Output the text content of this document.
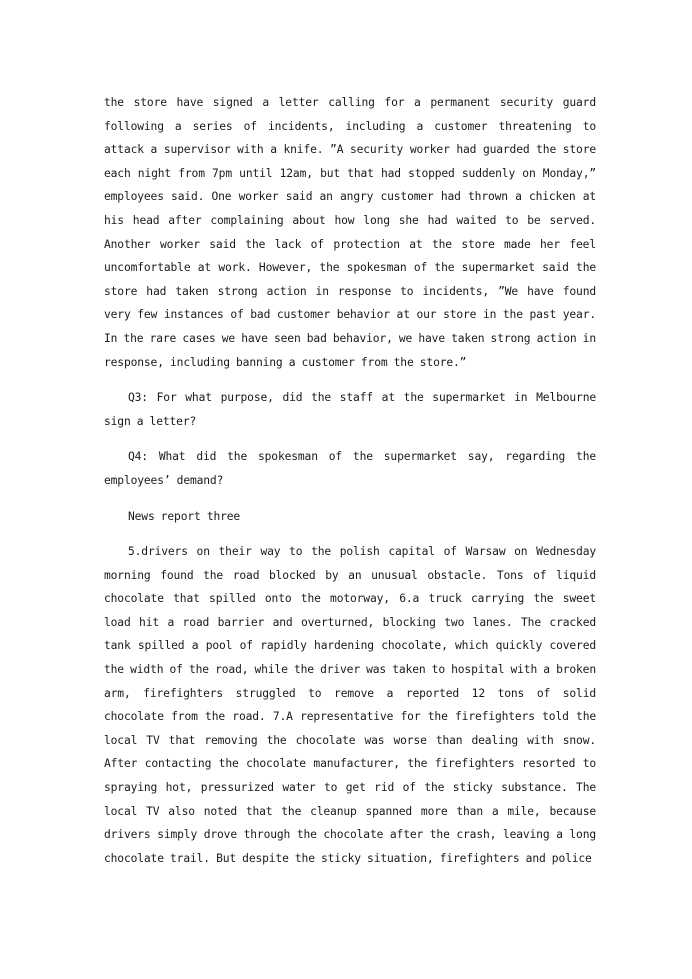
the store have signed a letter calling for a permanent security guard following a series of incidents, including a customer threatening to attack a supervisor with a knife. ”A security worker had guarded the store each night from 7pm until 12am, but that had stopped suddenly on Monday,” employees said. One worker said an angry customer had thrown a chicken at his head after complaining about how long she had waited to be served. Another worker said the lack of protection at the store made her feel uncomfortable at work. However, the spokesman of the supermarket said the store had taken strong action in response to incidents, ”We have found very few instances of bad customer behavior at our store in the past year. In the rare cases we have seen bad behavior, we have taken strong action in response, including banning a customer from the store.”

Q3: For what purpose, did the staff at the supermarket in Melbourne sign a letter?

Q4: What did the spokesman of the supermarket say, regarding the employees’ demand?

News report three

5.drivers on their way to the polish capital of Warsaw on Wednesday morning found the road blocked by an unusual obstacle. Tons of liquid chocolate that spilled onto the motorway, 6.a truck carrying the sweet load hit a road barrier and overturned, blocking two lanes. The cracked tank spilled a pool of rapidly hardening chocolate, which quickly covered the width of the road, while the driver was taken to hospital with a broken arm, firefighters struggled to remove a reported 12 tons of solid chocolate from the road. 7.A representative for the firefighters told the local TV that removing the chocolate was worse than dealing with snow. After contacting the chocolate manufacturer, the firefighters resorted to spraying hot, pressurized water to get rid of the sticky substance. The local TV also noted that the cleanup spanned more than a mile, because drivers simply drove through the chocolate after the crash, leaving a long chocolate trail. But despite the sticky situation, firefighters and police
